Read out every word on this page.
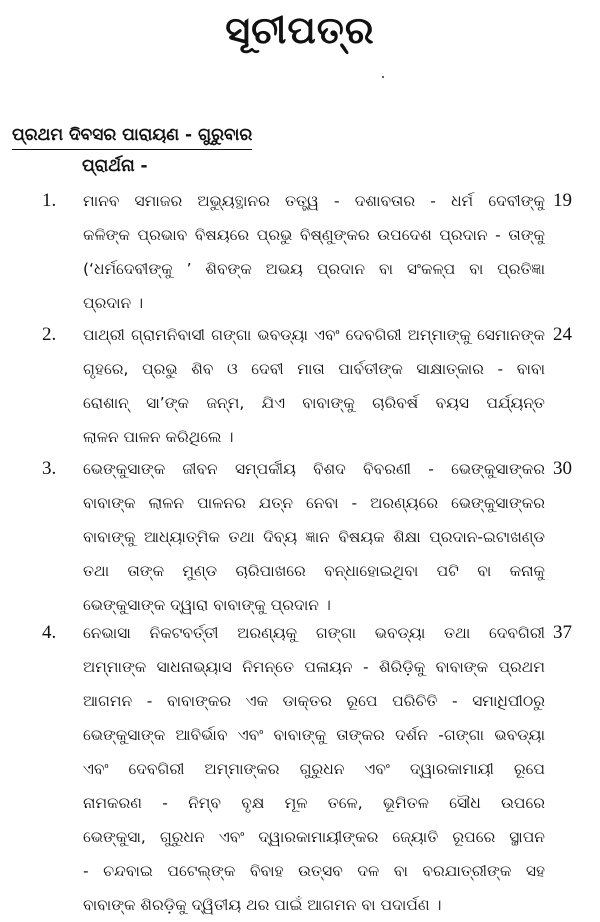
ସୂଚୀପତ୍ର
ପ୍ରଥମ ଦିବସର ପାରାୟଣ - ଗୁରୁବାର
ପ୍ରାର୍ଥନା -
1. ମାନବ ସମାଜର ଅଭ୍ୟୁତ୍ଥାନର ତତ୍ତ୍ୱ - ଦଶାବତାର - ଧର୍ମ ଦେବୀଙ୍କୁ
କଳିଙ୍କ ପ୍ରଭାବ ବିଷୟରେ ପ୍ରଭୁ ବିଷ୍ଣୁଙ୍କର ଉପଦେଶ ପ୍ରଦାନ - ତାଙ୍କୁ
(‘ଧର୍ମଦେବୀଙ୍କୁ ’ ଶିବଙ୍କ ଅଭୟ ପ୍ରଦାନ ବା ସଂକଳ୍ପ ବା ପ୍ରତିଜ୍ଞା
ପ୍ରଦାନ ।
19
2. ପାଥ୍ରୀ ଗ୍ରାମନିବାସୀ ଗଙ୍ଗା ଭବଡ୍ୟା ଏବଂ ଦେବଗିରୀ ଅମ୍ମାଙ୍କୁ ସେମାନଙ୍କ
ଗୃହରେ, ପ୍ରଭୁ ଶିବ ଓ ଦେବୀ ମାତା ପାର୍ବତୀଙ୍କ ସାକ୍ଷାତ୍କାର - ବାବା
ରୋଶାନ୍ ସା’ଙ୍କ ଜନ୍ମ, ଯିଏ ବାବାଙ୍କୁ ଚାରିବର୍ଷ ବୟସ ପର୍ଯ୍ୟନ୍ତ
ଲାଳନ ପାଳନ କରିଥିଲେ ।
24
3. ଭେଙ୍କୁସାଙ୍କ ଜୀବନ ସମ୍ପର୍କୀୟ ବିଶଦ ବିବରଣୀ - ଭେଙ୍କୁସାଙ୍କର
ବାବାଙ୍କ ଲାଳନ ପାଳନର ଯତ୍ନ ନେବା - ଅରଣ୍ୟରେ ଭେଙ୍କୁସାଙ୍କର
ବାବାଙ୍କୁ ଆଧ୍ୟାତ୍ମିକ ତଥା ଦିବ୍ୟ ଜ୍ଞାନ ବିଷୟକ ଶିକ୍ଷା ପ୍ରଦାନ-ଇଟାଖଣ୍ଡ
ତଥା ତାଙ୍କ ମୁଣ୍ଡ ଚାରିପାଖରେ ବନ୍ଧାହୋଇଥିବା ପଟି ବା କନାକୁ
ଭେଙ୍କୁସାଙ୍କ ଦ୍ୱାରା ବାବାଙ୍କୁ ପ୍ରଦାନ ।
30
4. ନେଭାସା ନିକଟବର୍ତ୍ତୀ ଅରଣ୍ୟକୁ ଗଙ୍ଗା ଭବଡ୍ୟା ତଥା ଦେବଗିରୀ
ଅମ୍ମାଙ୍କ ସାଧନାଭ୍ୟାସ ନିମନ୍ତେ ପଳାୟନ - ଶିରିଡ଼ିକୁ ବାବାଙ୍କ ପ୍ରଥମ
ଆଗମନ - ବାବାଙ୍କର ଏକ ଡାକ୍ତର ରୂପେ ପରିଚିତି - ସମାଧିପୀଠରୁ
ଭେଙ୍କୁସାଙ୍କ ଆବିର୍ଭାବ ଏବଂ ବାବାଙ୍କୁ ତାଙ୍କର ଦର୍ଶନ -ଗଙ୍ଗା ଭବଡ୍ୟା
ଏବଂ ଦେବଗିରୀ ଅମ୍ମାଙ୍କର ଗୁରୁଧନ ଏବଂ ଦ୍ୱାରକାମାୟୀ ରୂପେ
ନାମକରଣ - ନିମ୍ବ ବୃକ୍ଷ ମୂଳ ତଳେ, ଭୂମିତଳ ସୌଧ ଉପରେ
ଭେଙ୍କୁସା, ଗୁରୁଧନ ଏବଂ ଦ୍ୱାରକାମାୟୀଙ୍କର ଜ୍ୟୋତି ରୂପରେ ସ୍ଥାପନ
- ଚନ୍ଦବାଇ ପଟେଲ୍‌ଙ୍କ ବିବାହ ଉତ୍ସବ ଦଳ ବା ବରଯାତ୍ରୀଙ୍କ ସହ
ବାବାଙ୍କ ଶିରଡ଼ିକୁ ଦ୍ୱିତୀୟ ଥର ପାଇଁ ଆଗମନ ବା ପଦାର୍ପଣ ।
37
